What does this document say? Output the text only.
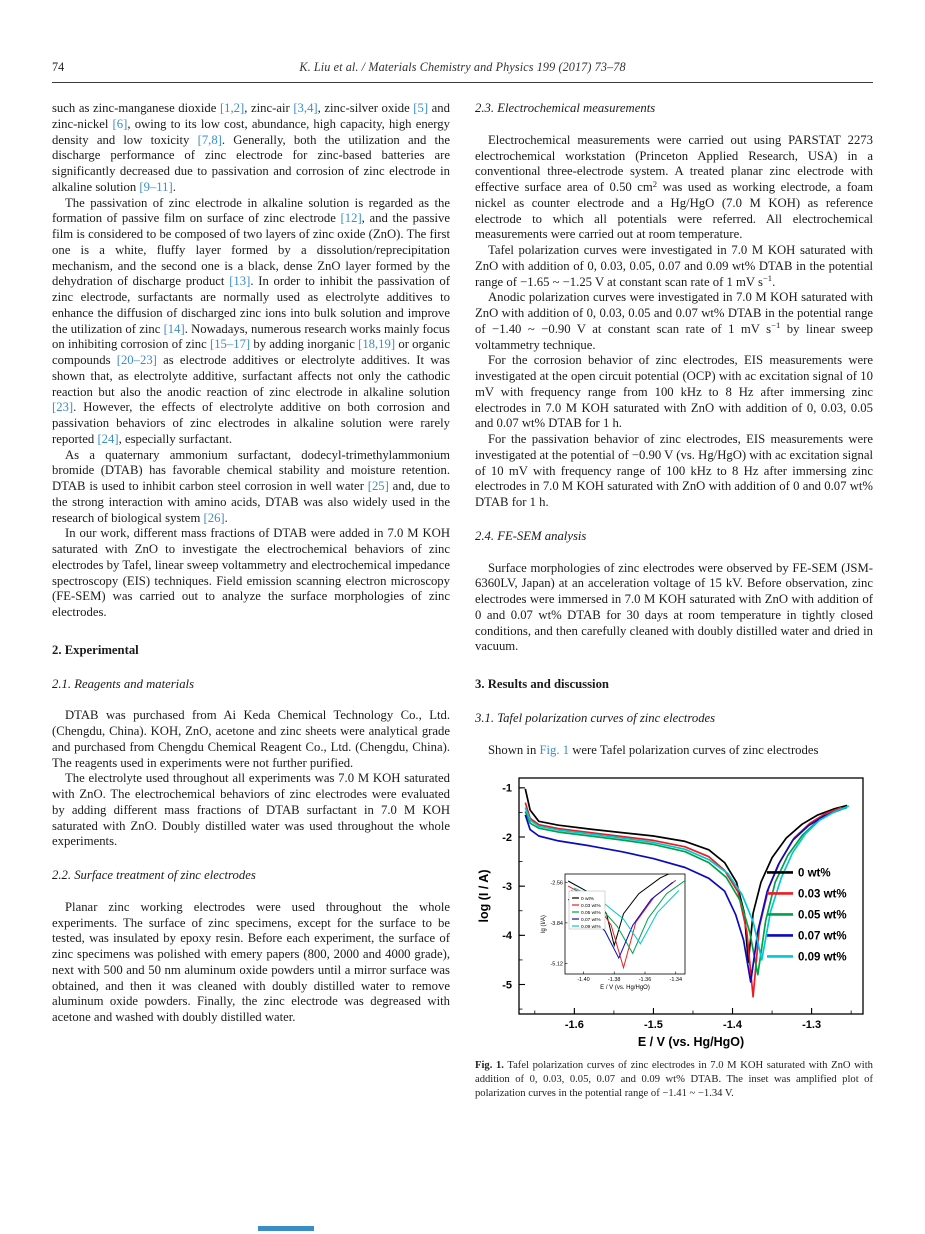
74	K. Liu et al. / Materials Chemistry and Physics 199 (2017) 73–78

such as zinc-manganese dioxide [1,2], zinc-air [3,4], zinc-silver oxide [5] and zinc-nickel [6], owing to its low cost, abundance, high capacity, high energy density and low toxicity [7,8]. Generally, both the utilization and the discharge performance of zinc electrode for zinc-based batteries are significantly decreased due to passivation and corrosion of zinc electrode in alkaline solution [9–11].

The passivation of zinc electrode in alkaline solution is regarded as the formation of passive film on surface of zinc electrode [12], and the passive film is considered to be composed of two layers of zinc oxide (ZnO). The first one is a white, fluffy layer formed by a dissolution/reprecipitation mechanism, and the second one is a black, dense ZnO layer formed by the dehydration of discharge product [13]. In order to inhibit the passivation of zinc electrode, surfactants are normally used as electrolyte additives to enhance the diffusion of discharged zinc ions into bulk solution and improve the utilization of zinc [14]. Nowadays, numerous research works mainly focus on inhibiting corrosion of zinc [15–17] by adding inorganic [18,19] or organic compounds [20–23] as electrode additives or electrolyte additives. It was shown that, as electrolyte additive, surfactant affects not only the cathodic reaction but also the anodic reaction of zinc electrode in alkaline solution [23]. However, the effects of electrolyte additive on both corrosion and passivation behaviors of zinc electrodes in alkaline solution were rarely reported [24], especially surfactant.

As a quaternary ammonium surfactant, dodecyl-trimethylammonium bromide (DTAB) has favorable chemical stability and moisture retention. DTAB is used to inhibit carbon steel corrosion in well water [25] and, due to the strong interaction with amino acids, DTAB was also widely used in the research of biological system [26].

In our work, different mass fractions of DTAB were added in 7.0 M KOH saturated with ZnO to investigate the electrochemical behaviors of zinc electrodes by Tafel, linear sweep voltammetry and electrochemical impedance spectroscopy (EIS) techniques. Field emission scanning electron microscopy (FE-SEM) was carried out to analyze the surface morphologies of zinc electrodes.

2. Experimental
2.1. Reagents and materials

DTAB was purchased from Ai Keda Chemical Technology Co., Ltd. (Chengdu, China). KOH, ZnO, acetone and zinc sheets were analytical grade and purchased from Chengdu Chemical Reagent Co., Ltd. (Chengdu, China). The reagents used in experiments were not further purified.

The electrolyte used throughout all experiments was 7.0 M KOH saturated with ZnO. The electrochemical behaviors of zinc electrodes were evaluated by adding different mass fractions of DTAB surfactant in 7.0 M KOH saturated with ZnO. Doubly distilled water was used throughout the whole experiments.

2.2. Surface treatment of zinc electrodes

Planar zinc working electrodes were used throughout the whole experiments. The surface of zinc specimens, except for the surface to be tested, was insulated by epoxy resin. Before each experiment, the surface of zinc specimens was polished with emery papers (800, 2000 and 4000 grade), next with 500 and 50 nm aluminum oxide powders until a mirror surface was obtained, and then it was cleaned with doubly distilled water to remove aluminum oxide powders. Finally, the zinc electrode was degreased with acetone and washed with doubly distilled water.

2.3. Electrochemical measurements

Electrochemical measurements were carried out using PARSTAT 2273 electrochemical workstation (Princeton Applied Research, USA) in a conventional three-electrode system. A treated planar zinc electrode with effective surface area of 0.50 $cm^2$ was used as working electrode, a foam nickel as counter electrode and a Hg/HgO (7.0 M KOH) as reference electrode to which all potentials were referred. All electrochemical measurements were carried out at room temperature.

Tafel polarization curves were investigated in 7.0 M KOH saturated with ZnO with addition of 0, 0.03, 0.05, 0.07 and 0.09 wt% DTAB in the potential range of −1.65 ~ −1.25 V at constant scan rate of 1 mV $s^{-1}$.

Anodic polarization curves were investigated in 7.0 M KOH saturated with ZnO with addition of 0, 0.03, 0.05 and 0.07 wt% DTAB in the potential range of −1.40 ~ −0.90 V at constant scan rate of 1 mV $s^{-1}$ by linear sweep voltammetry technique.

For the corrosion behavior of zinc electrodes, EIS measurements were investigated at the open circuit potential (OCP) with ac excitation signal of 10 mV with frequency range from 100 kHz to 8 Hz after immersing zinc electrodes in 7.0 M KOH saturated with ZnO with addition of 0, 0.03, 0.05 and 0.07 wt% DTAB for 1 h.

For the passivation behavior of zinc electrodes, EIS measurements were investigated at the potential of −0.90 V (vs. Hg/HgO) with ac excitation signal of 10 mV with frequency range of 100 kHz to 8 Hz after immersing zinc electrodes in 7.0 M KOH saturated with ZnO with addition of 0 and 0.07 wt% DTAB for 1 h.

2.4. FE-SEM analysis

Surface morphologies of zinc electrodes were observed by FE-SEM (JSM-6360LV, Japan) at an acceleration voltage of 15 kV. Before observation, zinc electrodes were immersed in 7.0 M KOH saturated with ZnO with addition of 0 and 0.07 wt% DTAB for 30 days at room temperature in tightly closed conditions, and then carefully cleaned with doubly distilled water and dried in vacuum.

3. Results and discussion
3.1. Tafel polarization curves of zinc electrodes

Shown in Fig. 1 were Tafel polarization curves of zinc electrodes

-1.6	-1.5	-1.4	-1.3
-1
-2
-3
-4
-5
E / V (vs. Hg/HgO)
log (I / A)	0 wt%
0.03 wt%
0.05 wt%
0.07 wt%
0.09 wt%
-1.40	-1.38	-1.36	-1.34
-2.56
-3.84
-5.12
E / V (vs. Hg/HgO)
lg (I/A)
0 wt%
0.03 wt%
0.05 wt%
0.07 wt%
0.09 wt%
Fig. 1. Tafel polarization curves of zinc electrodes in 7.0 M KOH saturated with ZnO with addition of 0, 0.03, 0.05, 0.07 and 0.09 wt% DTAB. The inset was amplified plot of polarization curves in the potential range of −1.41 ~ −1.34 V.
